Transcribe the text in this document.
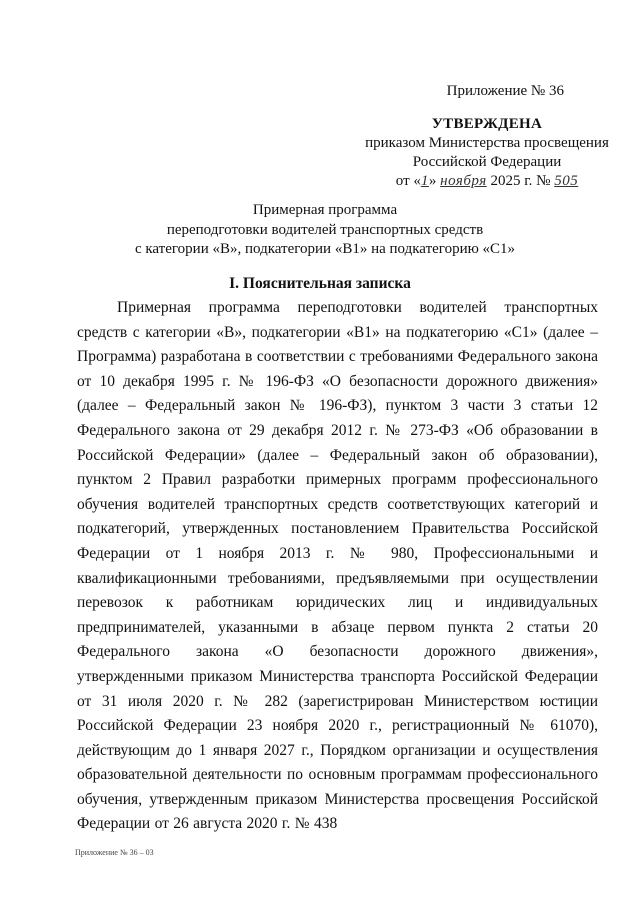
Приложение № 36
УТВЕРЖДЕНА
приказом Министерства просвещения
Российской Федерации
от «1» ноября 2025 г. № 505
Примерная программа
переподготовки водителей транспортных средств
с категории «В», подкатегории «В1» на подкатегорию «С1»
I. Пояснительная записка

Примерная программа переподготовки водителей транспортных средств с категории «В», подкатегории «В1» на подкатегорию «С1» (далее – Программа) разработана в соответствии с требованиями Федерального закона от 10 декабря 1995 г. № 196-ФЗ «О безопасности дорожного движения» (далее – Федеральный закон № 196-ФЗ), пунктом 3 части 3 статьи 12 Федерального закона от 29 декабря 2012 г. № 273-ФЗ «Об образовании в Российской Федерации» (далее – Федеральный закон об образовании), пунктом 2 Правил разработки примерных программ профессионального обучения водителей транспортных средств соответствующих категорий и подкатегорий, утвержденных постановлением Правительства Российской Федерации от 1 ноября 2013 г. № 980, Профессиональными и квалификационными требованиями, предъявляемыми при осуществлении перевозок к работникам юридических лиц и индивидуальных предпринимателей, указанными в абзаце первом пункта 2 статьи 20 Федерального закона «О безопасности дорожного движения», утвержденными приказом Министерства транспорта Российской Федерации от 31 июля 2020 г. № 282 (зарегистрирован Министерством юстиции Российской Федерации 23 ноября 2020 г., регистрационный № 61070), действующим до 1 января 2027 г., Порядком организации и осуществления образовательной деятельности по основным программам профессионального обучения, утвержденным приказом Министерства просвещения Российской Федерации от 26 августа 2020 г. № 438

Приложение № 36 – 03
